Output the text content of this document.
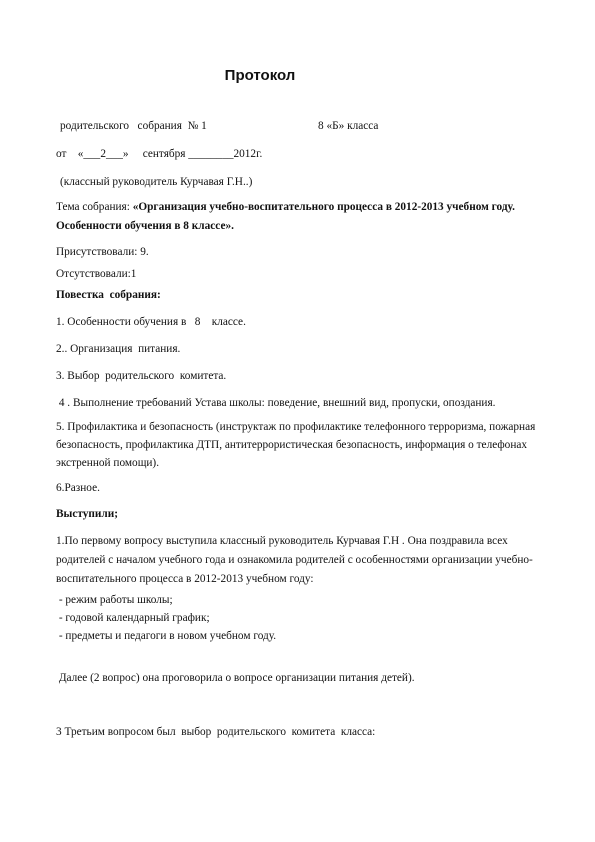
Протокол
родительского   собрания  № 1	8 «Б» класса
от    «___2___»     сентября ________2012г.
(классный руководитель Курчавая Г.Н..)
Тема собрания: «Организация учебно-воспитательного процесса в 2012-2013 учебном году. Особенности обучения в 8 классе».
Присутствовали: 9.
Отсутствовали:1
Повестка  собрания:
1. Особенности обучения в   8    классе.
2.. Организация  питания.
3. Выбор  родительского  комитета.
4 . Выполнение требований Устава школы: поведение, внешний вид, пропуски, опоздания.
5. Профилактика и безопасность (инструктаж по профилактике телефонного терроризма, пожарная безопасность, профилактика ДТП, антитеррористическая безопасность, информация о телефонах экстренной помощи).
6.Разное.
Выступили;
1.По первому вопросу выступила классный руководитель Курчавая Г.Н . Она поздравила всех родителей с началом учебного года и ознакомила родителей с особенностями организации учебно-воспитательного процесса в 2012-2013 учебном году:
- режим работы школы;
- годовой календарный график;
- предметы и педагоги в новом учебном году.
Далее (2 вопрос) она проговорила о вопросе организации питания детей).
3 Третьим вопросом был  выбор  родительского  комитета  класса:
